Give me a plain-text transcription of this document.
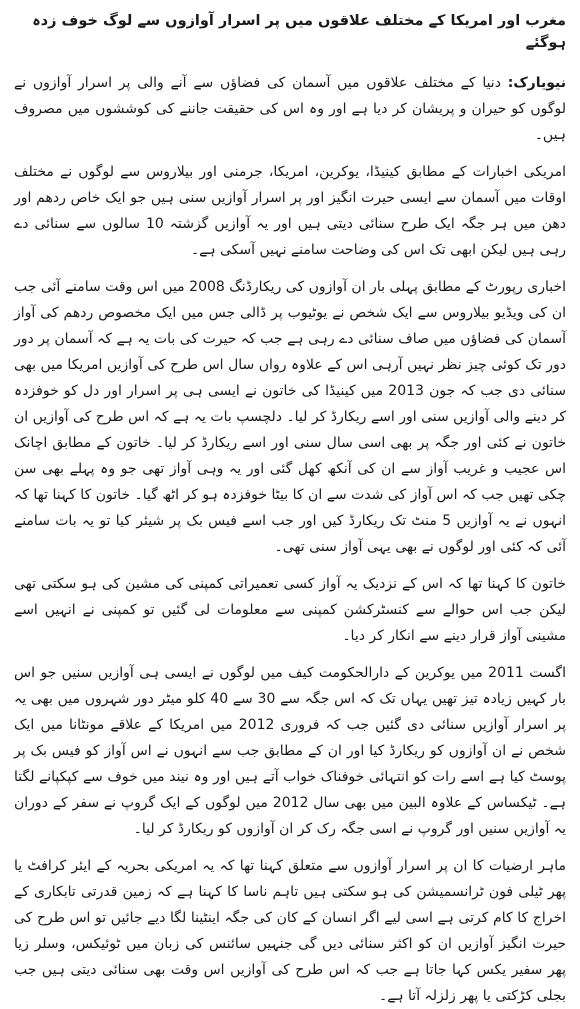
مغرب اور امریکا کے مختلف علاقوں میں پر اسرار آوازوں سے لوگ خوف زدہ ہوگئے

نیویارک: دنیا کے مختلف علاقوں میں آسمان کی فضاؤں سے آنے والی پر اسرار آوازوں نے لوگوں کو حیران و پریشان کر دیا ہے اور وہ اس کی حقیقت جاننے کی کوششوں میں مصروف ہیں۔

امریکی اخبارات کے مطابق کینیڈا، یوکرین، امریکا، جرمنی اور بیلاروس سے لوگوں نے مختلف اوقات میں آسمان سے ایسی حیرت انگیز اور پر اسرار آوازیں سنی ہیں جو ایک خاص ردھم اور دھن میں ہر جگہ ایک طرح سنائی دیتی ہیں اور یہ آوازیں گزشتہ 10 سالوں سے سنائی دے رہی ہیں لیکن ابھی تک اس کی وضاحت سامنے نہیں آسکی ہے۔

اخباری رپورٹ کے مطابق پہلی بار ان آوازوں کی ریکارڈنگ 2008 میں اس وقت سامنے آئی جب ان کی ویڈیو بیلاروس سے ایک شخص نے یوٹیوب پر ڈالی جس میں ایک مخصوص ردھم کی آواز آسمان کی فضاؤں میں صاف سنائی دے رہی ہے جب کہ حیرت کی بات یہ ہے کہ آسمان پر دور دور تک کوئی چیز نظر نہیں آرہی اس کے علاوہ رواں سال اس طرح کی آوازیں امریکا میں بھی سنائی دی جب کہ جون 2013 میں کینیڈا کی خاتون نے ایسی ہی پر اسرار اور دل کو خوفزدہ کر دینے والی آوازیں سنی اور اسے ریکارڈ کر لیا۔ دلچسپ بات یہ ہے کہ اس طرح کی آوازیں ان خاتون نے کئی اور جگہ پر بھی اسی سال سنی اور اسے ریکارڈ کر لیا۔ خاتون کے مطابق اچانک اس عجیب و غریب آواز سے ان کی آنکھ کھل گئی اور یہ وہی آواز تھی جو وہ پہلے بھی سن چکی تھیں جب کہ اس آواز کی شدت سے ان کا بیٹا خوفزدہ ہو کر اٹھ گیا۔ خاتون کا کہنا تھا کہ انہوں نے یہ آوازیں 5 منٹ تک ریکارڈ کیں اور جب اسے فیس بک پر شیئر کیا تو یہ بات سامنے آئی کہ کئی اور لوگوں نے بھی یہی آواز سنی تھی۔

خاتون کا کہنا تھا کہ اس کے نزدیک یہ آواز کسی تعمیراتی کمپنی کی مشین کی ہو سکتی تھی لیکن جب اس حوالے سے کنسٹرکشن کمپنی سے معلومات لی گئیں تو کمپنی نے انہیں اسے مشینی آواز قرار دینے سے انکار کر دیا۔

اگست 2011 میں یوکرین کے دارالحکومت کیف میں لوگوں نے ایسی ہی آوازیں سنیں جو اس بار کہیں زیادہ تیز تھیں یہاں تک کہ اس جگہ سے 30 سے 40 کلو میٹر دور شہروں میں بھی یہ پر اسرار آوازیں سنائی دی گئیں جب کہ فروری 2012 میں امریکا کے علاقے مونٹانا میں ایک شخص نے ان آوازوں کو ریکارڈ کیا اور ان کے مطابق جب سے انہوں نے اس آواز کو فیس بک پر پوسٹ کیا ہے اسے رات کو انتہائی خوفناک خواب آتے ہیں اور وہ نیند میں خوف سے کپکپانے لگتا ہے۔ ٹیکساس کے علاوہ البین میں بھی سال 2012 میں لوگوں کے ایک گروپ نے سفر کے دوران یہ آوازیں سنیں اور گروپ نے اسی جگہ رک کر ان آوازوں کو ریکارڈ کر لیا۔

ماہر ارضیات کا ان پر اسرار آوازوں سے متعلق کہنا تھا کہ یہ امریکی بحریہ کے ایئر کرافٹ یا پھر ٹیلی فون ٹرانسمیشن کی ہو سکتی ہیں تاہم ناسا کا کہنا ہے کہ زمین قدرتی تابکاری کے اخراج کا کام کرتی ہے اسی لیے اگر انسان کے کان کی جگہ اینٹینا لگا دیے جائیں تو اس طرح کی حیرت انگیز آوازیں ان کو اکثر سنائی دیں گی جنہیں سائنس کی زبان میں ٹوئیکس، وسلر زیا پھر سفیر یکس کہا جاتا ہے جب کہ اس طرح کی آوازیں اس وقت بھی سنائی دیتی ہیں جب بجلی کڑکتی یا پھر زلزلہ آتا ہے۔
